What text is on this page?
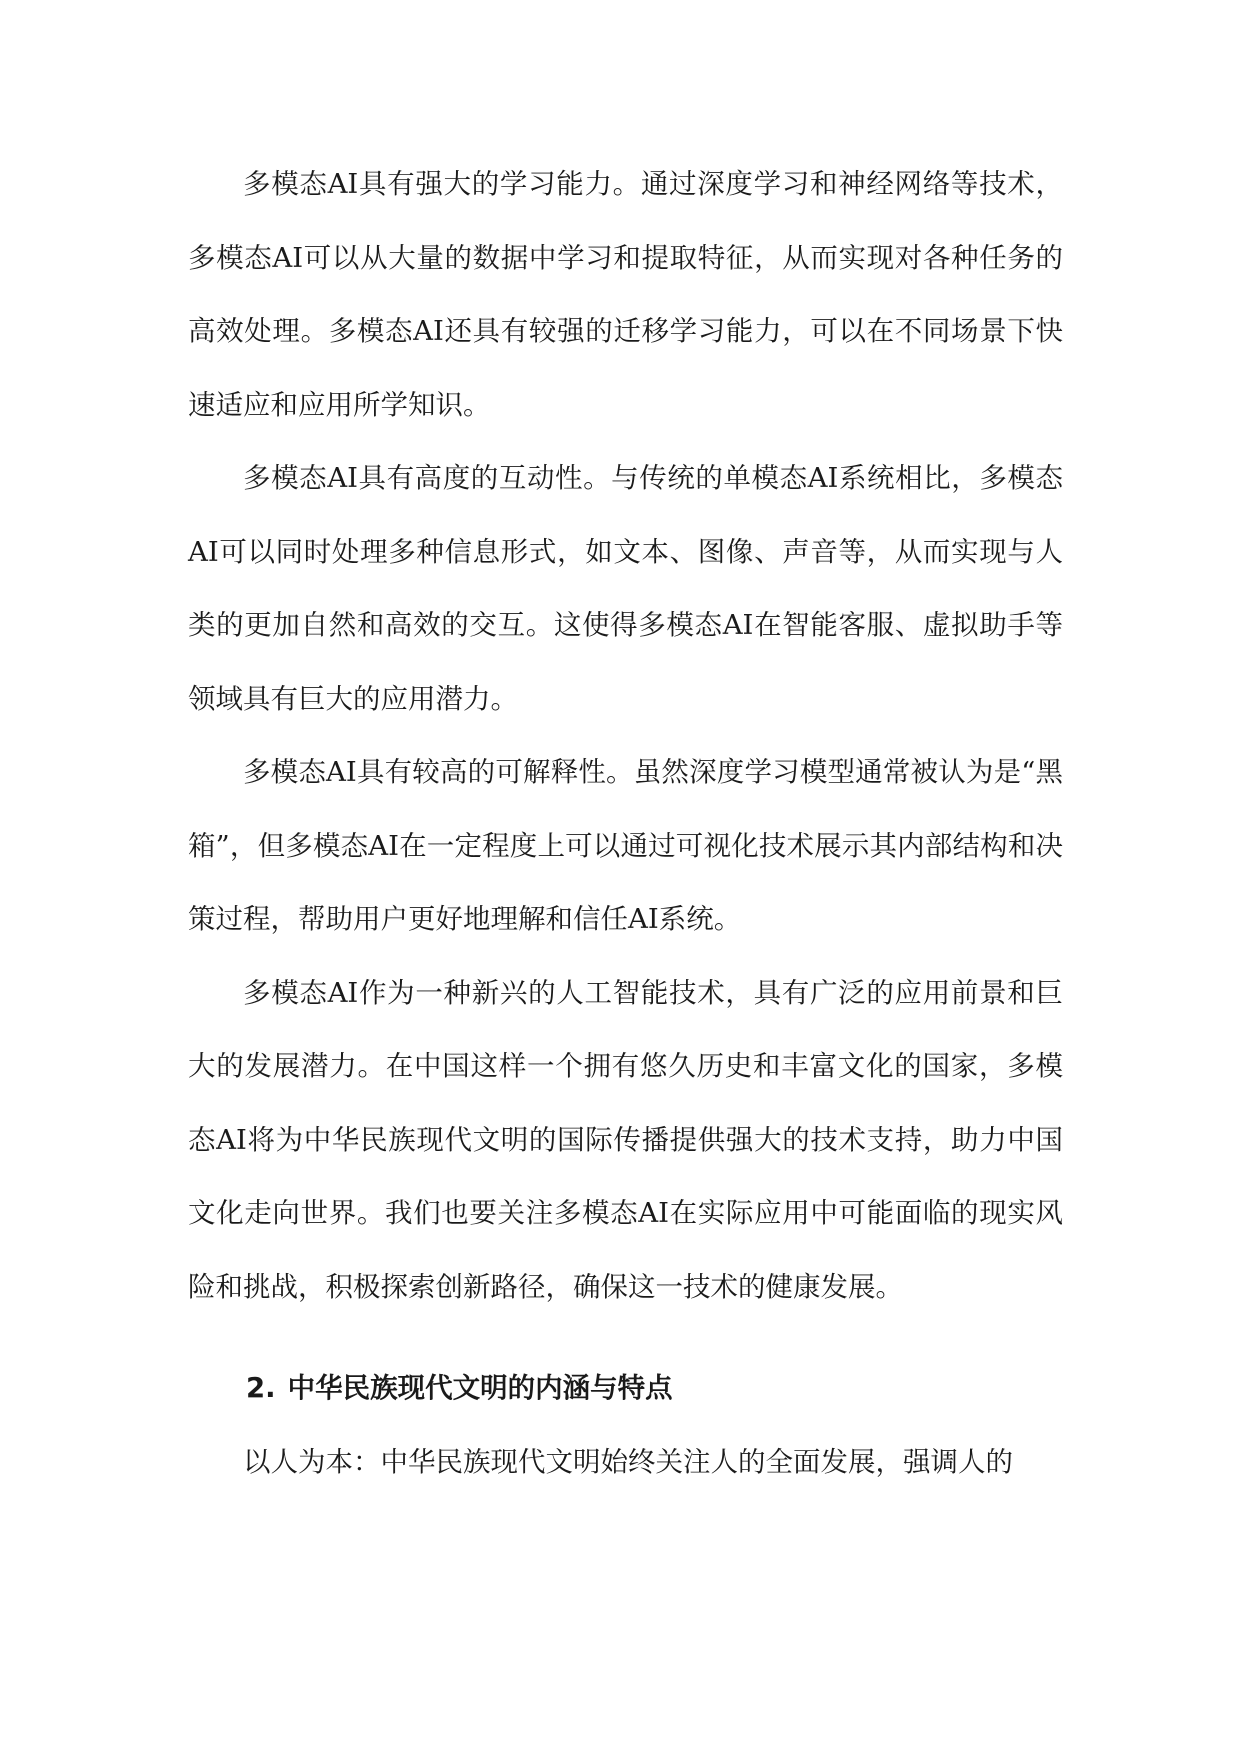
多模态AI具有强大的学习能力。通过深度学习和神经网络等技术，多模态AI可以从大量的数据中学习和提取特征，从而实现对各种任务的高效处理。多模态AI还具有较强的迁移学习能力，可以在不同场景下快速适应和应用所学知识。

多模态AI具有高度的互动性。与传统的单模态AI系统相比，多模态AI可以同时处理多种信息形式，如文本、图像、声音等，从而实现与人类的更加自然和高效的交互。这使得多模态AI在智能客服、虚拟助手等领域具有巨大的应用潜力。

多模态AI具有较高的可解释性。虽然深度学习模型通常被认为是“黑箱”，但多模态AI在一定程度上可以通过可视化技术展示其内部结构和决策过程，帮助用户更好地理解和信任AI系统。

多模态AI作为一种新兴的人工智能技术，具有广泛的应用前景和巨大的发展潜力。在中国这样一个拥有悠久历史和丰富文化的国家，多模态AI将为中华民族现代文明的国际传播提供强大的技术支持，助力中国文化走向世界。我们也要关注多模态AI在实际应用中可能面临的现实风险和挑战，积极探索创新路径，确保这一技术的健康发展。

2. 中华民族现代文明的内涵与特点

以人为本：中华民族现代文明始终关注人的全面发展，强调人的
